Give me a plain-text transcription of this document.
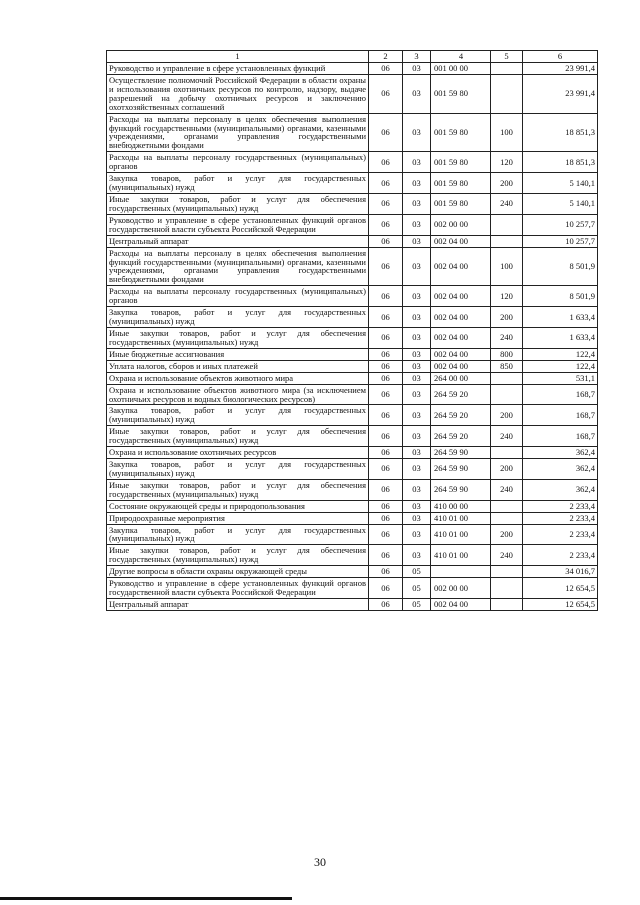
1	2	3	4	5	6
Руководство и управление в сфере установленных функций	06	03	001 00 00		23 991,4
Осуществление полномочий Российской Федерации в области охраны и использования охотничьих ресурсов по контролю, надзору, выдаче разрешений на добычу охотничьих ресурсов и заключению охотхозяйственных соглашений	06	03	001 59 80		23 991,4
Расходы на выплаты персоналу в целях обеспечения выполнения функций государственными (муниципальными) органами, казенными учреждениями, органами управления государственными внебюджетными фондами	06	03	001 59 80	100	18 851,3
Расходы на выплаты персоналу государственных (муниципальных) органов	06	03	001 59 80	120	18 851,3
Закупка товаров, работ и услуг для государственных (муниципальных) нужд	06	03	001 59 80	200	5 140,1
Иные закупки товаров, работ и услуг для обеспечения государственных (муниципальных) нужд	06	03	001 59 80	240	5 140,1
Руководство и управление в сфере установленных функций органов государственной власти субъекта Российской Федерации	06	03	002 00 00		10 257,7
Центральный аппарат	06	03	002 04 00		10 257,7
Расходы на выплаты персоналу в целях обеспечения выполнения функций государственными (муниципальными) органами, казенными учреждениями, органами управления государственными внебюджетными фондами	06	03	002 04 00	100	8 501,9
Расходы на выплаты персоналу государственных (муниципальных) органов	06	03	002 04 00	120	8 501,9
Закупка товаров, работ и услуг для государственных (муниципальных) нужд	06	03	002 04 00	200	1 633,4
Иные закупки товаров, работ и услуг для обеспечения государственных (муниципальных) нужд	06	03	002 04 00	240	1 633,4
Иные бюджетные ассигнования	06	03	002 04 00	800	122,4
Уплата налогов, сборов и иных платежей	06	03	002 04 00	850	122,4
Охрана и использование объектов животного мира	06	03	264 00 00		531,1
Охрана и использование объектов животного мира (за исключением охотничьих ресурсов и водных биологических ресурсов)	06	03	264 59 20		168,7
Закупка товаров, работ и услуг для государственных (муниципальных) нужд	06	03	264 59 20	200	168,7
Иные закупки товаров, работ и услуг для обеспечения государственных (муниципальных) нужд	06	03	264 59 20	240	168,7
Охрана и использование охотничьих ресурсов	06	03	264 59 90		362,4
Закупка товаров, работ и услуг для государственных (муниципальных) нужд	06	03	264 59 90	200	362,4
Иные закупки товаров, работ и услуг для обеспечения государственных (муниципальных) нужд	06	03	264 59 90	240	362,4
Состояние окружающей среды и природопользования	06	03	410 00 00		2 233,4
Природоохранные мероприятия	06	03	410 01 00		2 233,4
Закупка товаров, работ и услуг для государственных (муниципальных) нужд	06	03	410 01 00	200	2 233,4
Иные закупки товаров, работ и услуг для обеспечения государственных (муниципальных) нужд	06	03	410 01 00	240	2 233,4
Другие вопросы в области охраны окружающей среды	06	05			34 016,7
Руководство и управление в сфере установленных функций органов государственной власти субъекта Российской Федерации	06	05	002 00 00		12 654,5
Центральный аппарат	06	05	002 04 00		12 654,5
30
